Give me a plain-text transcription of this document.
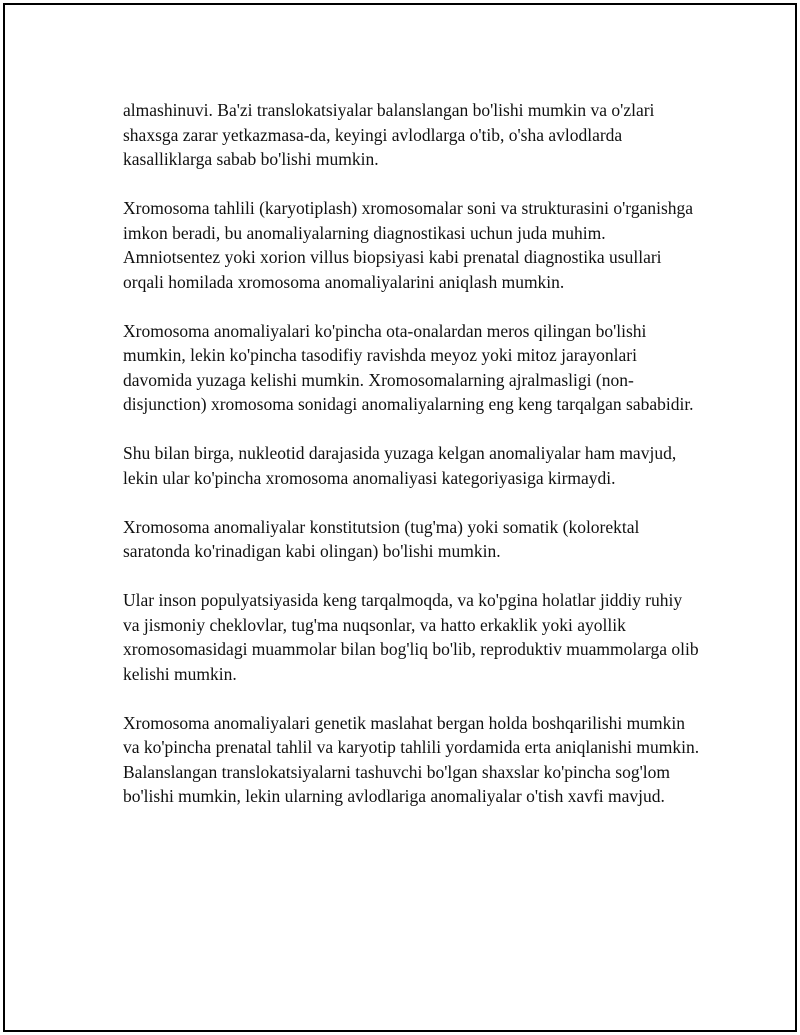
almashinuvi. Ba'zi translokatsiyalar balanslangan bo'lishi mumkin va o'zlari shaxsga zarar yetkazmasa-da, keyingi avlodlarga o'tib, o'sha avlodlarda kasalliklarga sabab bo'lishi mumkin.

Xromosoma tahlili (karyotiplash) xromosomalar soni va strukturasini o'rganishga imkon beradi, bu anomaliyalarning diagnostikasi uchun juda muhim. Amniotsentez yoki xorion villus biopsiyasi kabi prenatal diagnostika usullari orqali homilada xromosoma anomaliyalarini aniqlash mumkin.

Xromosoma anomaliyalari ko'pincha ota-onalardan meros qilingan bo'lishi mumkin, lekin ko'pincha tasodifiy ravishda meyoz yoki mitoz jarayonlari davomida yuzaga kelishi mumkin. Xromosomalarning ajralmasligi (non-disjunction) xromosoma sonidagi anomaliyalarning eng keng tarqalgan sababidir.

Shu bilan birga, nukleotid darajasida yuzaga kelgan anomaliyalar ham mavjud, lekin ular ko'pincha xromosoma anomaliyasi kategoriyasiga kirmaydi.

Xromosoma anomaliyalar konstitutsion (tug'ma) yoki somatik (kolorektal saratonda ko'rinadigan kabi olingan) bo'lishi mumkin.

Ular inson populyatsiyasida keng tarqalmoqda, va ko'pgina holatlar jiddiy ruhiy va jismoniy cheklovlar, tug'ma nuqsonlar, va hatto erkaklik yoki ayollik xromosomasidagi muammolar bilan bog'liq bo'lib, reproduktiv muammolarga olib kelishi mumkin.

Xromosoma anomaliyalari genetik maslahat bergan holda boshqarilishi mumkin va ko'pincha prenatal tahlil va karyotip tahlili yordamida erta aniqlanishi mumkin. Balanslangan translokatsiyalarni tashuvchi bo'lgan shaxslar ko'pincha sog'lom bo'lishi mumkin, lekin ularning avlodlariga anomaliyalar o'tish xavfi mavjud.
